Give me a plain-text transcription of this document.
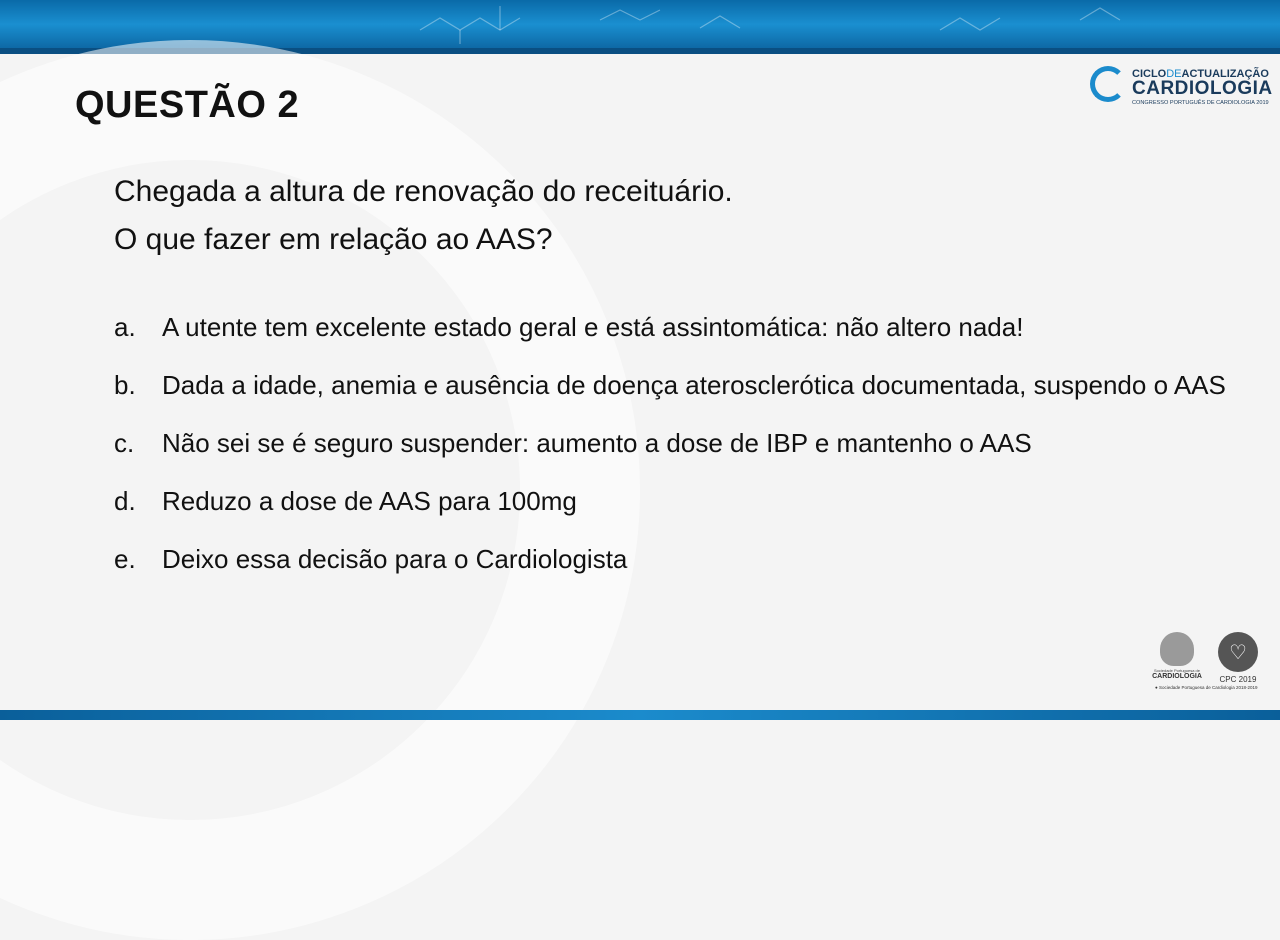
QUESTÃO 2
CICLODEACTUALIZAÇÃO
CARDIOLOGIA
CONGRESSO PORTUGUÊS DE CARDIOLOGIA 2019
Chegada a altura de renovação do receituário.
O que fazer em relação ao AAS?
a.	A utente tem excelente estado geral e está assintomática: não altero nada!
b.	Dada a idade, anemia e ausência de doença aterosclerótica documentada, suspendo o AAS
c.	Não sei se é seguro suspender: aumento a dose de IBP e mantenho o AAS
d.	Reduzo a dose de AAS para 100mg
e.	Deixo essa decisão para o Cardiologista
Sociedade Portuguesa de
CARDIOLOGIA
♡
CPC 2019
● Sociedade Portuguesa de Cardiologia 2018-2019
